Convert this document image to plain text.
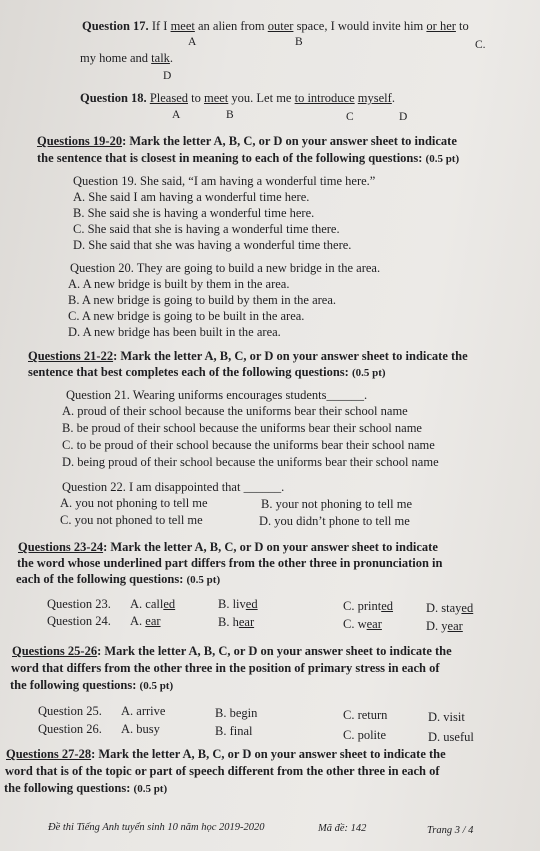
Question 17. If I meet an alien from outer space, I would invite him or her to
A	B	C.
my home and talk.
D
Question 18. Pleased to meet you. Let me to introduce myself.
A	B	C	D
Questions 19-20: Mark the letter A, B, C, or D on your answer sheet to indicate
the sentence that is closest in meaning to each of the following questions: (0.5 pt)
Question 19. She said, “I am having a wonderful time here.”
A. She said I am having a wonderful time here.
B. She said she is having a wonderful time here.
C. She said that she is having a wonderful time there.
D. She said that she was having a wonderful time there.
Question 20. They are going to build a new bridge in the area.
A. A new bridge is built by them in the area.
B. A new bridge is going to build by them in the area.
C. A new bridge is going to be built in the area.
D. A new bridge has been built in the area.
Questions 21-22: Mark the letter A, B, C, or D on your answer sheet to indicate the
sentence that best completes each of the following questions: (0.5 pt)
Question 21. Wearing uniforms encourages students______.
A. proud of their school because the uniforms bear their school name
B. be proud of their school because the uniforms bear their school name
C. to be proud of their school because the uniforms bear their school name
D. being proud of their school because the uniforms bear their school name
Question 22. I am disappointed that ______.
A. you not phoning to tell me	B. your not phoning to tell me
C. you not phoned to tell me	D. you didn’t phone to tell me
Questions 23-24: Mark the letter A, B, C, or D on your answer sheet to indicate
the word whose underlined part differs from the other three in pronunciation in
each of the following questions: (0.5 pt)
Question 23. A. called	B. lived	C. printed	D. stayed
Question 24. A. ear	B. hear	C. wear	D. year
Questions 25-26: Mark the letter A, B, C, or D on your answer sheet to indicate the
word that differs from the other three in the position of primary stress in each of
the following questions: (0.5 pt)
Question 25. A. arrive	B. begin	C. return	D. visit
Question 26. A. busy	B. final	C. polite	D. useful
Questions 27-28: Mark the letter A, B, C, or D on your answer sheet to indicate the
word that is of the topic or part of speech different from the other three in each of
the following questions: (0.5 pt)
Đề thi Tiếng Anh tuyển sinh 10 năm học 2019-2020	Mã đề: 142	Trang 3 / 4
